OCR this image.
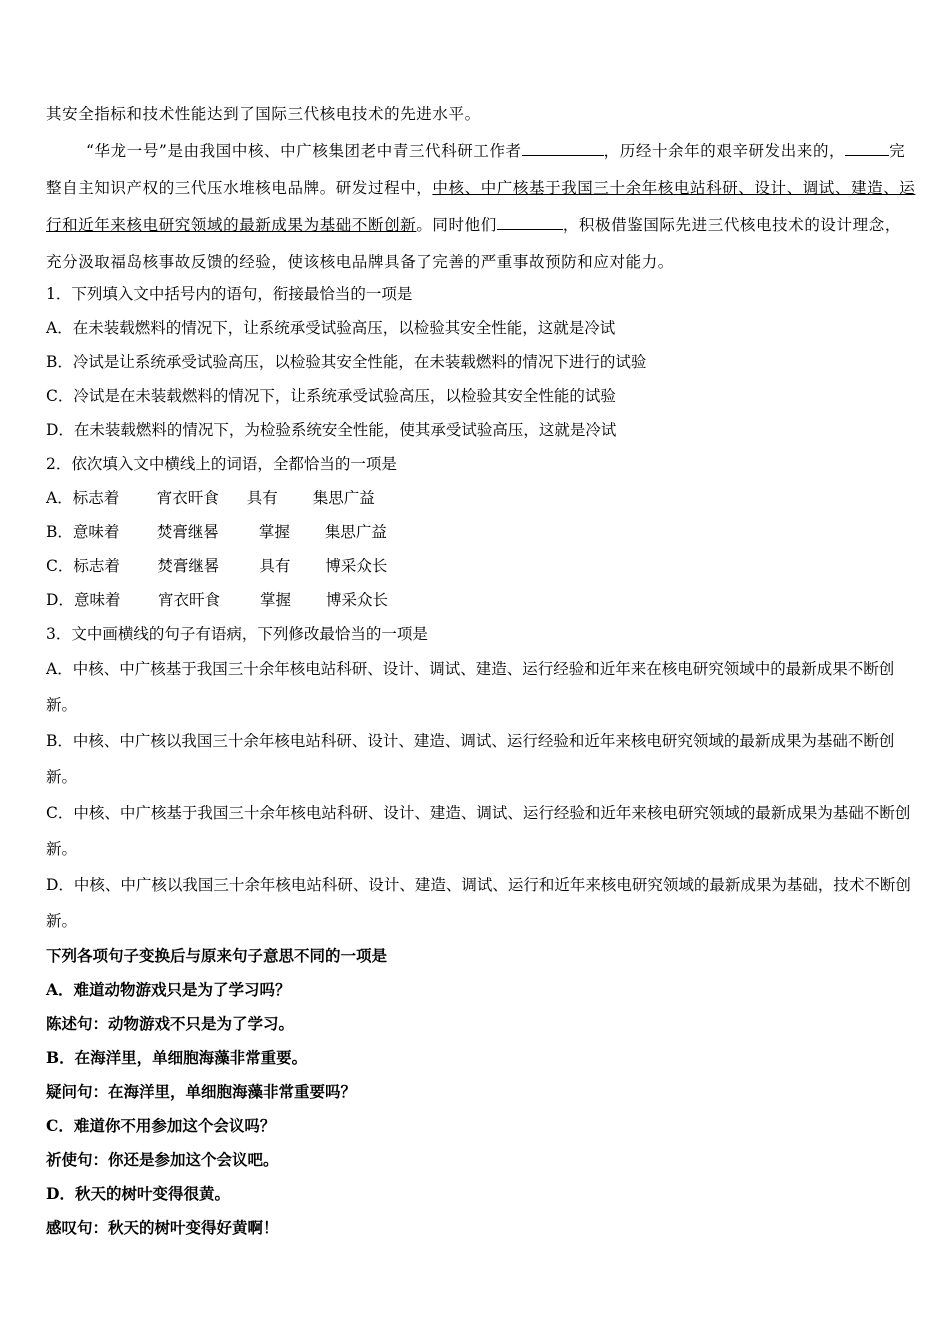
其安全指标和技术性能达到了国际三代核电技术的先进水平。

“华龙一号”是由我国中核、中广核集团老中青三代科研工作者	，历经十余年的艰辛研发出来的，	完整自主知识产权的三代压水堆核电品牌。研发过程中，中核、中广核基于我国三十余年核电站科研、设计、调试、建造、运行和近年来核电研究领域的最新成果为基础不断创新。同时他们	，积极借鉴国际先进三代核电技术的设计理念，充分汲取福岛核事故反馈的经验，使该核电品牌具备了完善的严重事故预防和应对能力。

1．下列填入文中括号内的语句，衔接最恰当的一项是

A．在未装载燃料的情况下，让系统承受试验高压，以检验其安全性能，这就是冷试

B．冷试是让系统承受试验高压，以检验其安全性能，在未装载燃料的情况下进行的试验

C．冷试是在未装载燃料的情况下，让系统承受试验高压，以检验其安全性能的试验

D．在未装载燃料的情况下，为检验系统安全性能，使其承受试验高压，这就是冷试

2．依次填入文中横线上的词语，全都恰当的一项是

A．标志着 宵衣旰食 具有 集思广益

B．意味着 焚膏继晷	掌握 集思广益

C．标志着 焚膏继晷	具有 博采众长

D．意味着 宵衣旰食	掌握 博采众长

3．文中画横线的句子有语病，下列修改最恰当的一项是

A．中核、中广核基于我国三十余年核电站科研、设计、调试、建造、运行经验和近年来在核电研究领域中的最新成果不断创新。

B．中核、中广核以我国三十余年核电站科研、设计、建造、调试、运行经验和近年来核电研究领域的最新成果为基础不断创新。

C．中核、中广核基于我国三十余年核电站科研、设计、建造、调试、运行经验和近年来核电研究领域的最新成果为基础不断创新。

D．中核、中广核以我国三十余年核电站科研、设计、建造、调试、运行和近年来核电研究领域的最新成果为基础，技术不断创新。

下列各项句子变换后与原来句子意思不同的一项是

A．难道动物游戏只是为了学习吗？

陈述句：动物游戏不只是为了学习。

B．在海洋里，单细胞海藻非常重要。

疑问句：在海洋里，单细胞海藻非常重要吗？

C．难道你不用参加这个会议吗？

祈使句：你还是参加这个会议吧。

D．秋天的树叶变得很黄。

感叹句：秋天的树叶变得好黄啊！
